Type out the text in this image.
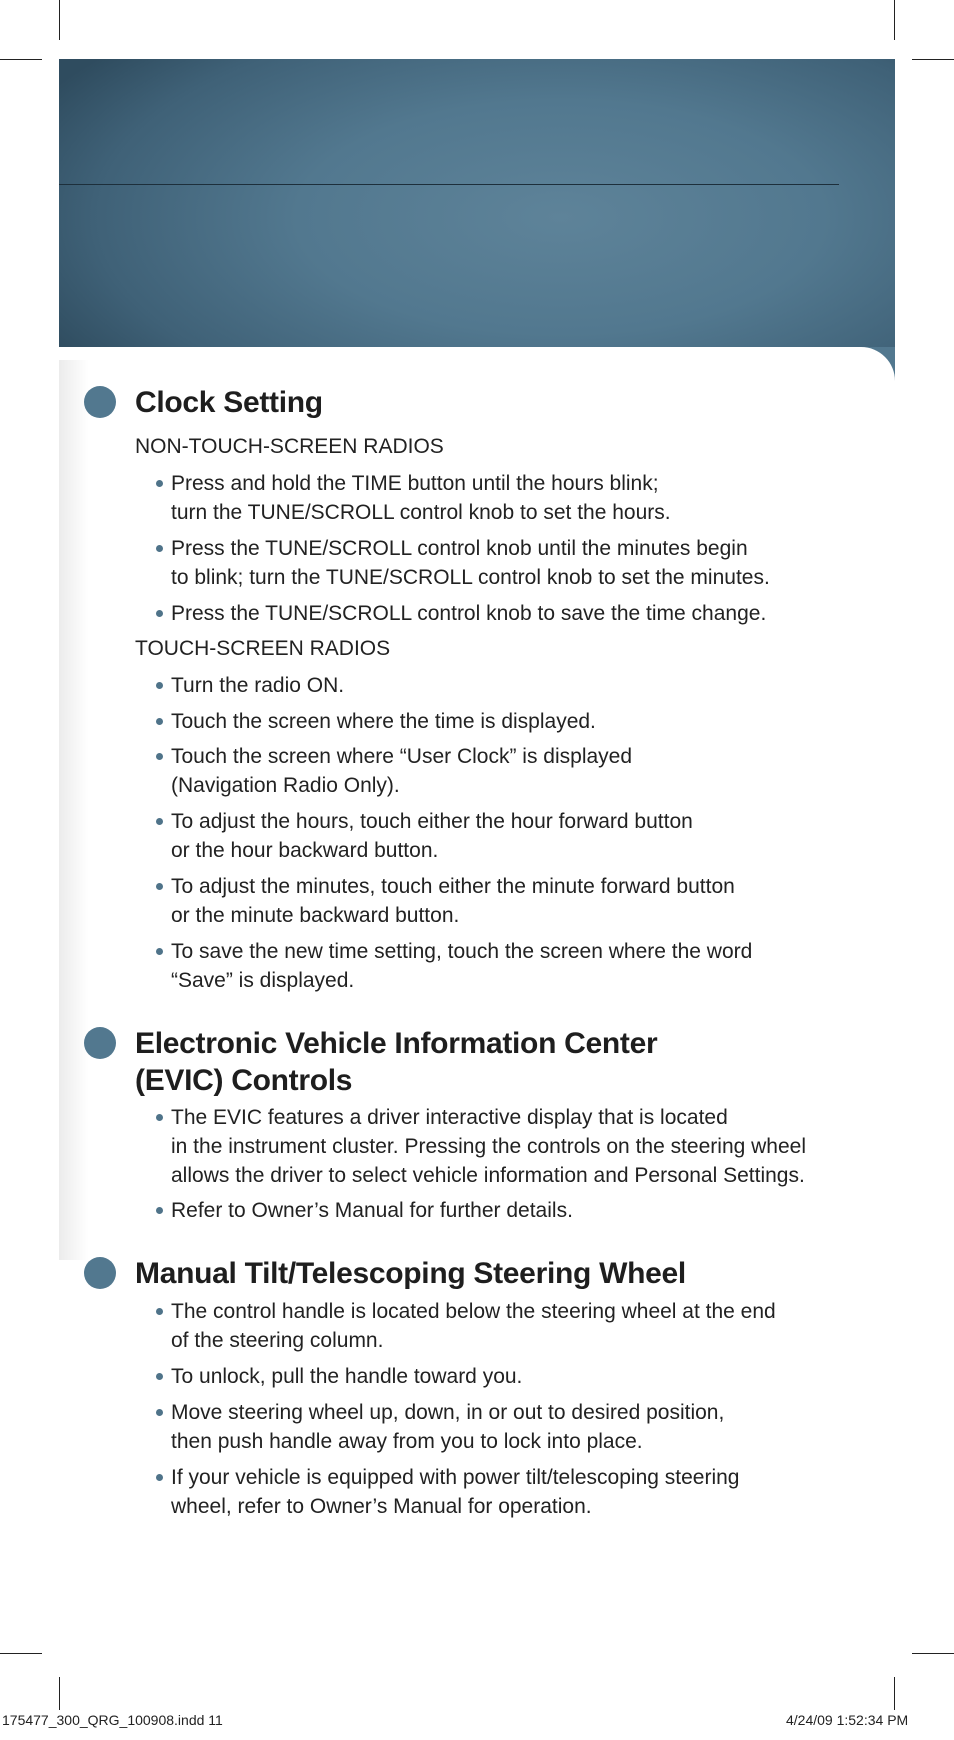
Clock Setting
NON-TOUCH-SCREEN RADIOS
Press and hold the TIME button until the hours blink;
turn the TUNE/SCROLL control knob to set the hours.
Press the TUNE/SCROLL control knob until the minutes begin
to blink; turn the TUNE/SCROLL control knob to set the minutes.
Press the TUNE/SCROLL control knob to save the time change.
TOUCH-SCREEN RADIOS
Turn the radio ON.
Touch the screen where the time is displayed.
Touch the screen where “User Clock” is displayed
(Navigation Radio Only).
To adjust the hours, touch either the hour forward button
or the hour backward button.
To adjust the minutes, touch either the minute forward button
or the minute backward button.
To save the new time setting, touch the screen where the word
“Save” is displayed.
Electronic Vehicle Information Center
(EVIC) Controls
The EVIC features a driver interactive display that is located
in the instrument cluster. Pressing the controls on the steering wheel
allows the driver to select vehicle information and Personal Settings.
Refer to Owner’s Manual for further details.
Manual Tilt/Telescoping Steering Wheel
The control handle is located below the steering wheel at the end
of the steering column.
To unlock, pull the handle toward you.
Move steering wheel up, down, in or out to desired position,
then push handle away from you to lock into place.
If your vehicle is equipped with power tilt/telescoping steering
wheel, refer to Owner’s Manual for operation.
175477_300_QRG_100908.indd 11	4/24/09 1:52:34 PM
